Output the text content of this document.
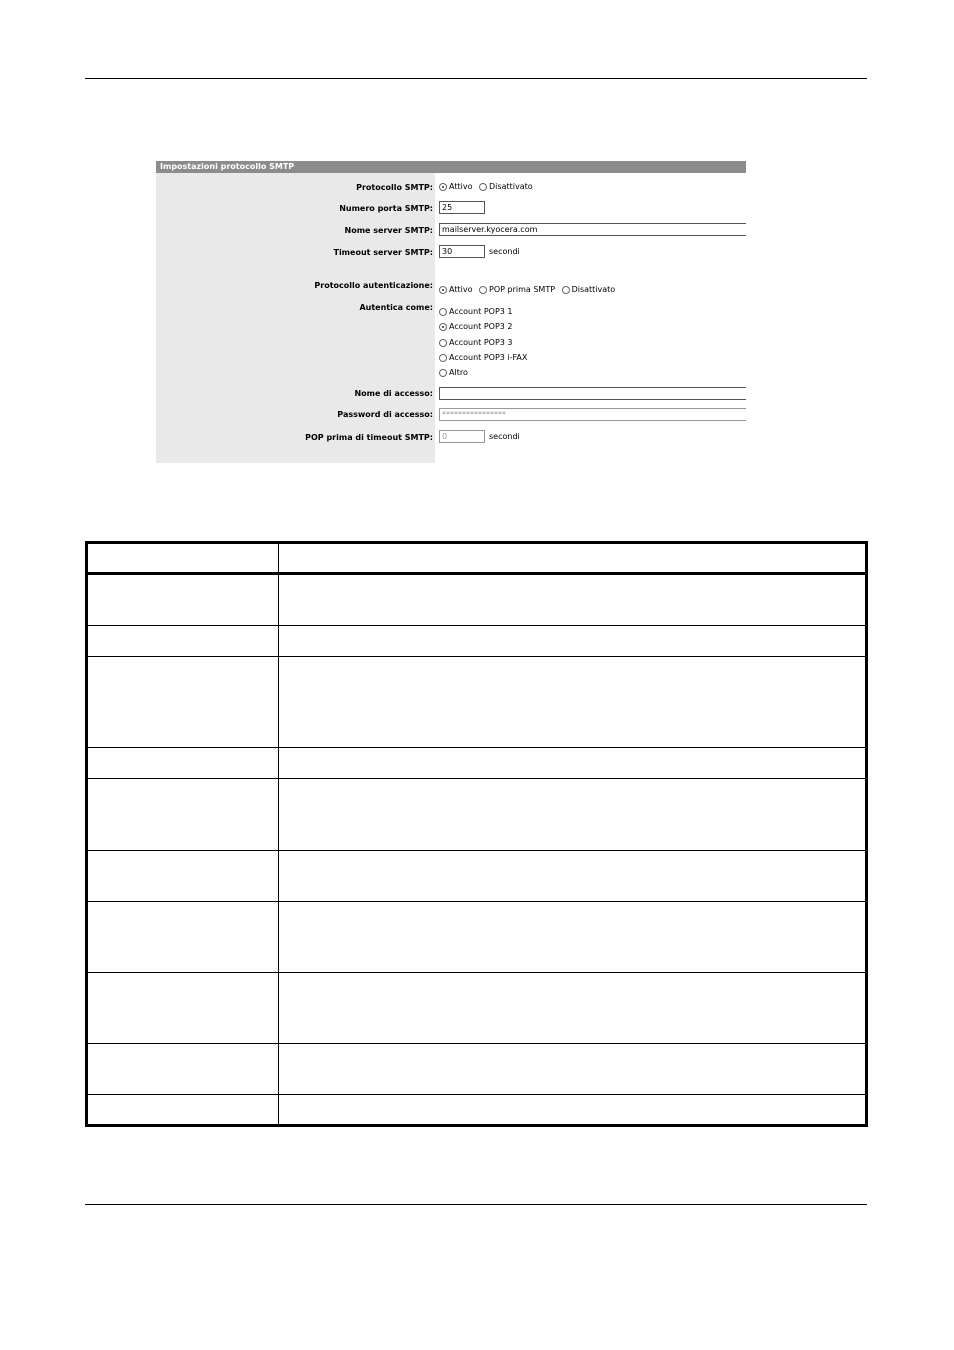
Impostazioni protocollo SMTP
Protocollo SMTP:	Attivo Disattivato
Numero porta SMTP:	25
Nome server SMTP:	mailserver.kyocera.com
Timeout server SMTP:	30	secondi
Protocollo autenticazione:	Attivo POP prima SMTP Disattivato
Autentica come:	Account POP3 1
Account POP3 2
Account POP3 3
Account POP3 i-FAX
Altro
Nome di accesso:
Password di accesso:	****************
POP prima di timeout SMTP:	0	secondi
